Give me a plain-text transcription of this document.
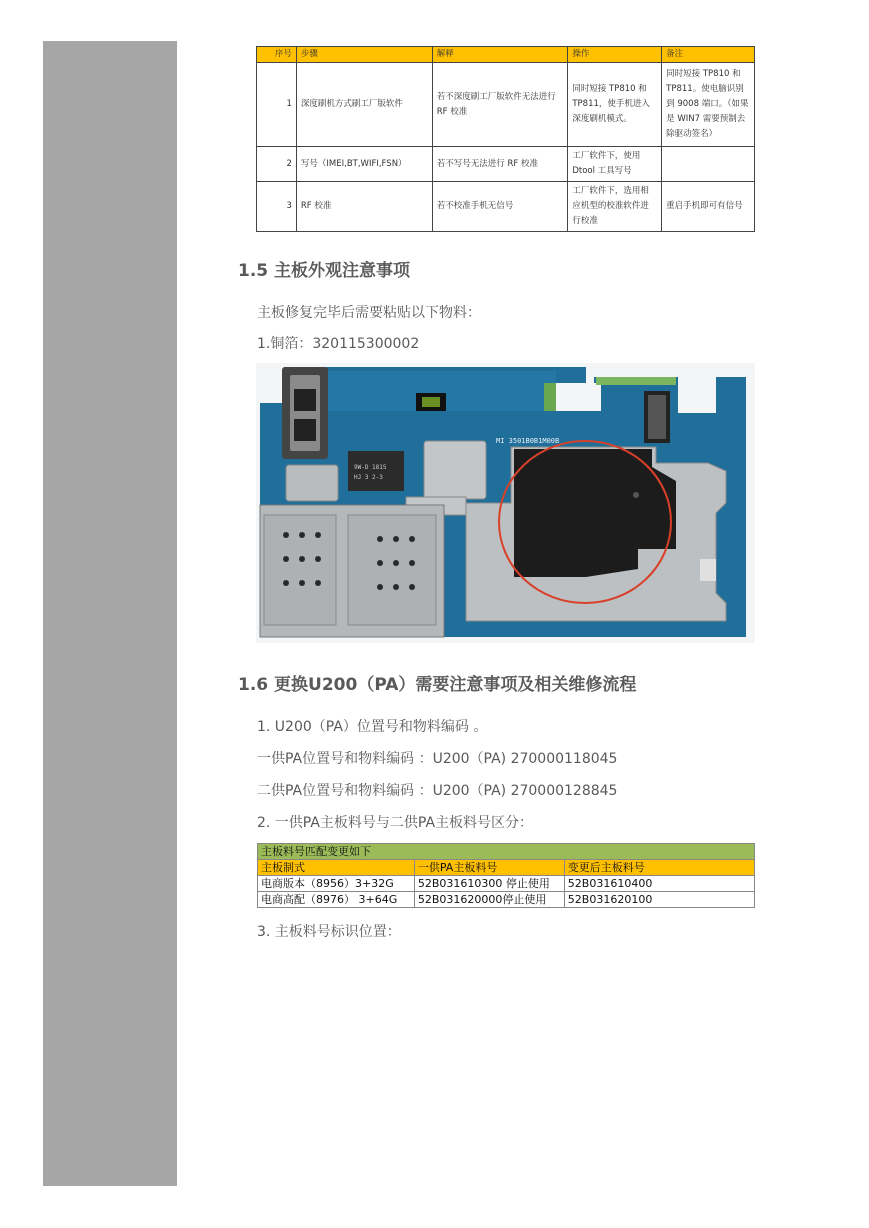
序号	步骤	解释	操作	备注
1	深度刷机方式刷工厂版软件	若不深度刷工厂版软件无法进行 RF 校准	同时短接 TP810 和 TP811，使手机进入深度刷机模式。	同时短接 TP810 和 TP811。使电脑识别到 9008 端口。（如果是 WIN7 需要预制去除驱动签名）
2	写号（IMEI,BT,WIFI,FSN）	若不写号无法进行 RF 校准	工厂软件下，使用 Dtool 工具写号	
3	RF 校准	若不校准手机无信号	工厂软件下，选用相应机型的校准软件进行校准	重启手机即可有信号
1.5 主板外观注意事项

主板修复完毕后需要粘贴以下物料：

1.铜箔：320115300002

MI 3501B0B1M00B
9W-D 1815
HJ 3 2-3
1.6 更换U200（PA）需要注意事项及相关维修流程

1. U200（PA）位置号和物料编码 。

一供PA位置号和物料编码 ：U200（PA) 270000118045

二供PA位置号和物料编码 ：U200（PA) 270000128845

2. 一供PA主板料号与二供PA主板料号区分：

主板料号匹配变更如下		
主板制式	一供PA主板料号	变更后主板料号
电商版本（8956）3+32G	52B031610300 停止使用	52B031610400
电商高配（8976） 3+64G	52B031620000停止使用	52B031620100

3. 主板料号标识位置：
